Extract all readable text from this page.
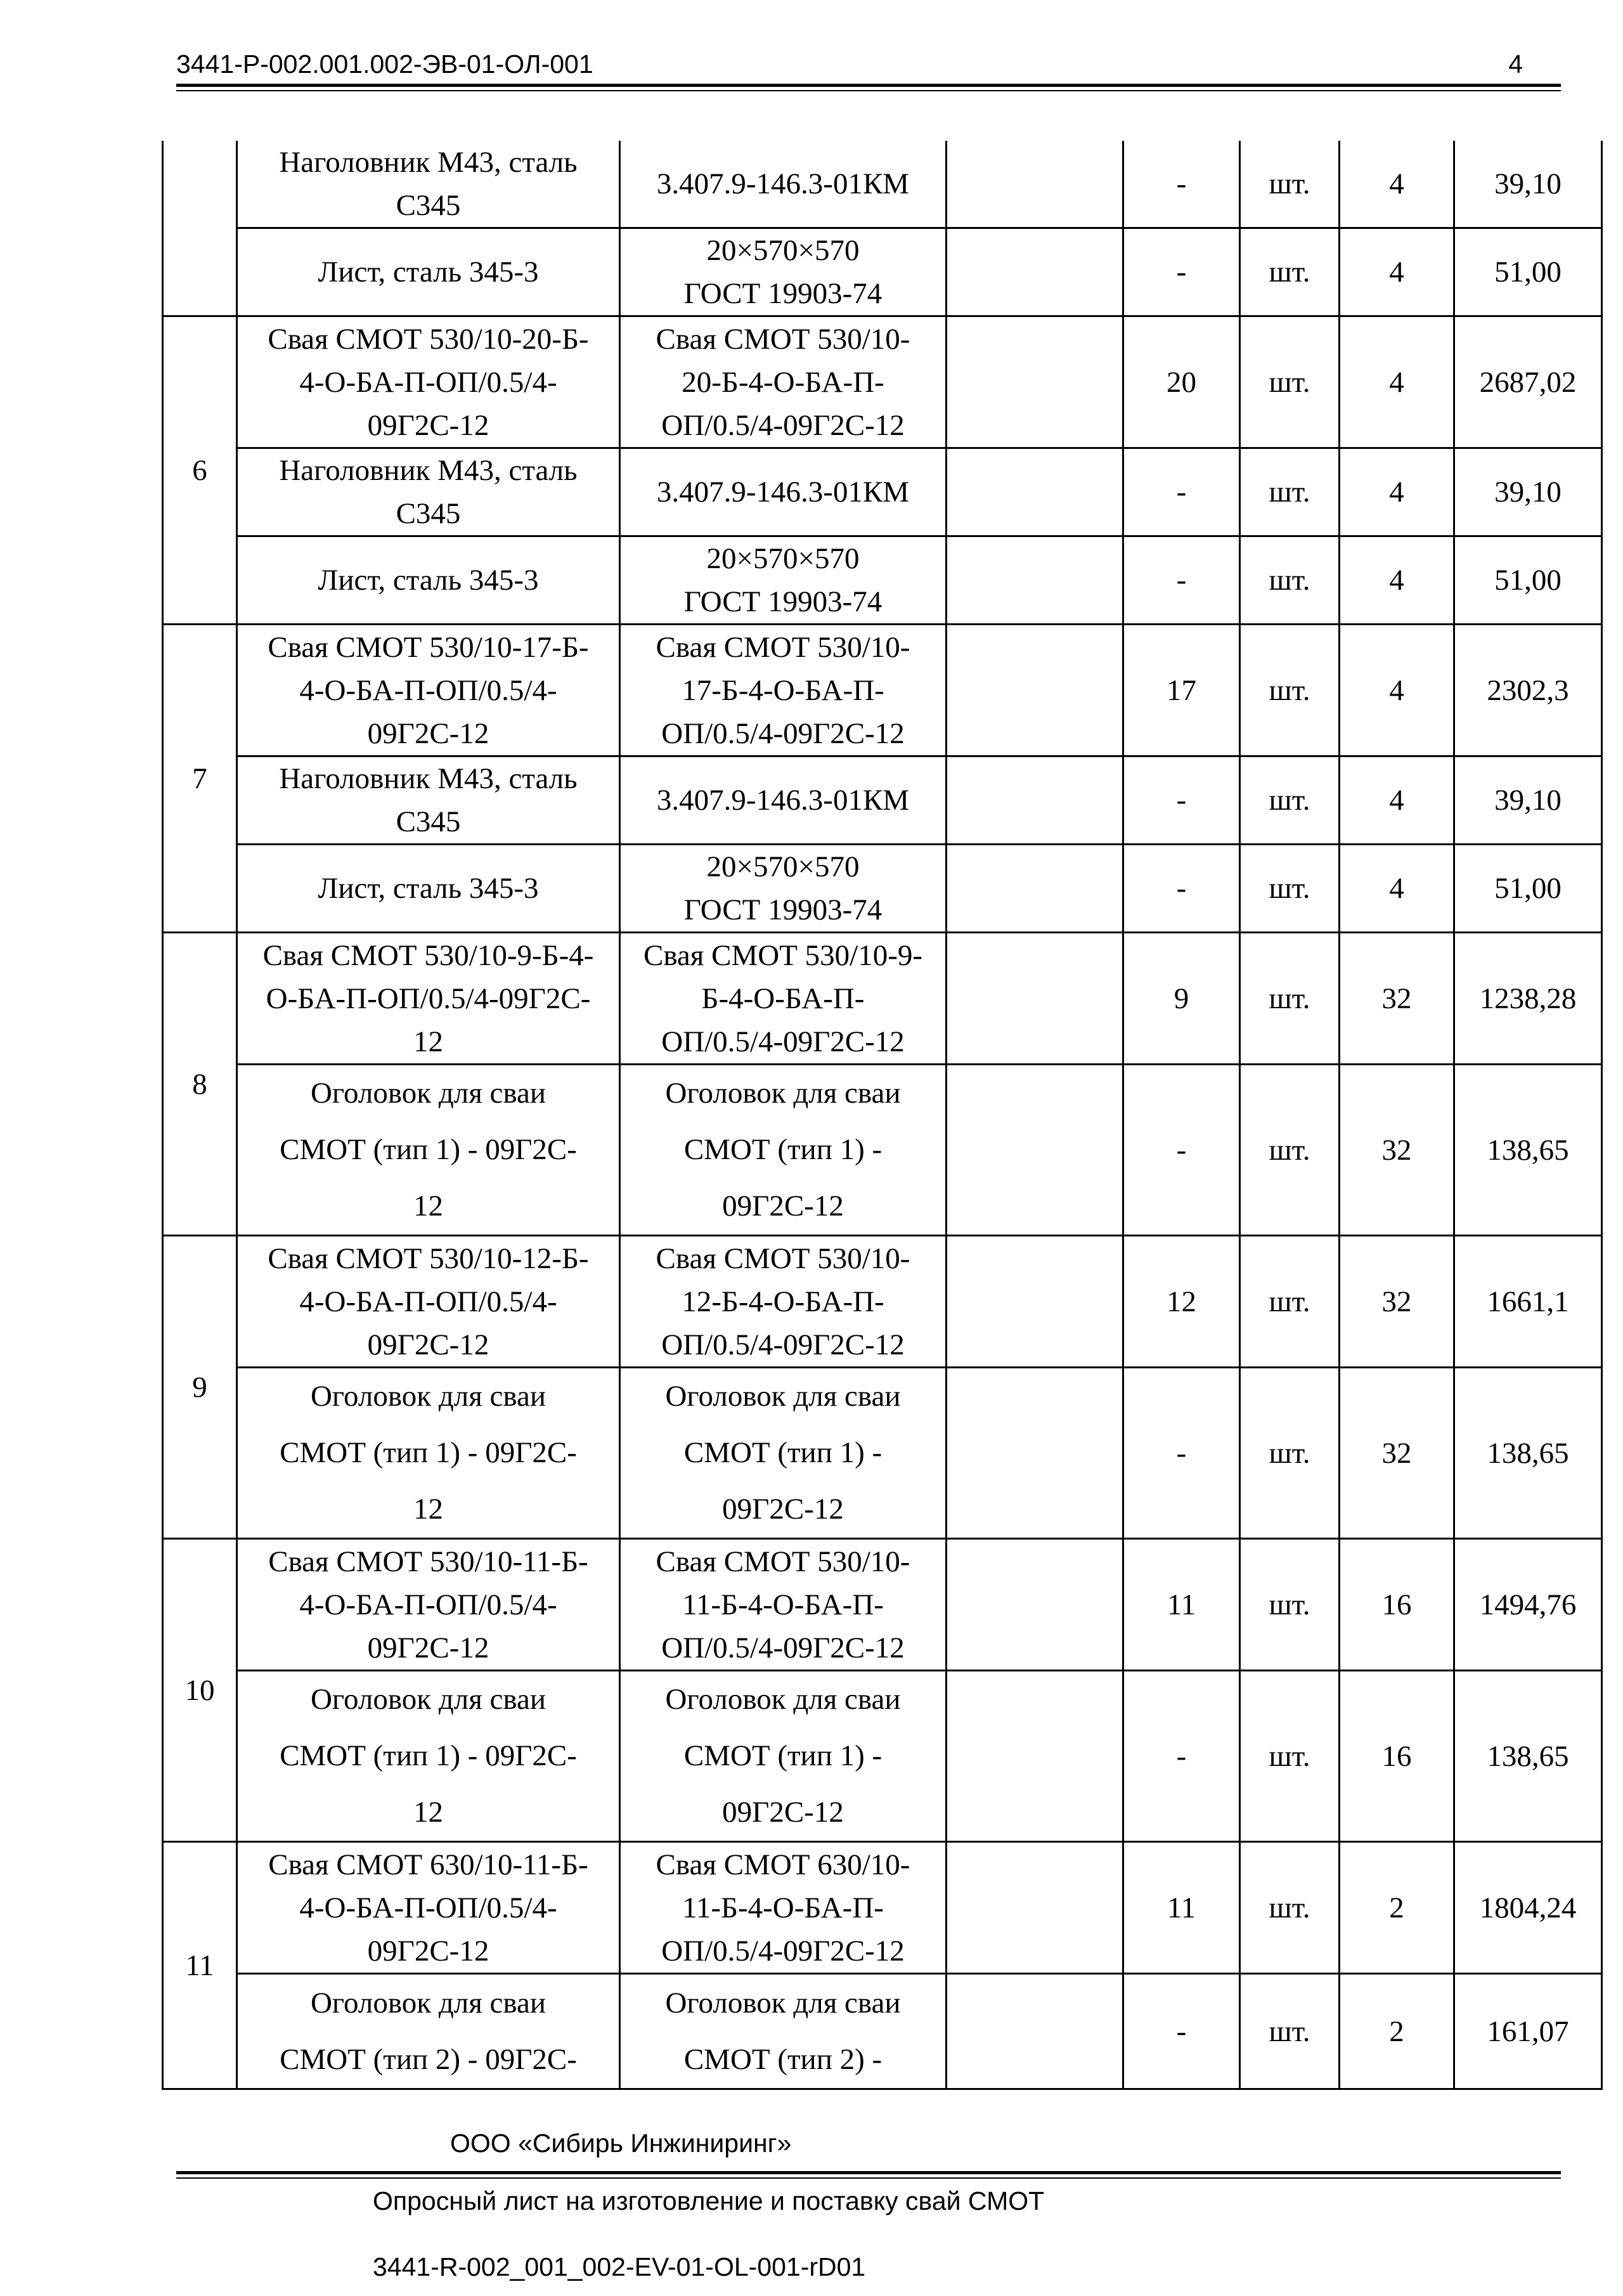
3441-Р-002.001.002-ЭВ-01-ОЛ-001	4
	Наголовник М43, сталь
С345	3.407.9-146.3-01КМ		-	шт.	4	39,10
	Лист, сталь 345-3	20×570×570
ГОСТ 19903-74		-	шт.	4	51,00
6	Свая СМОТ 530/10-20-Б-
4-О-БА-П-ОП/0.5/4-
09Г2С-12	Свая СМОТ 530/10-
20-Б-4-О-БА-П-
ОП/0.5/4-09Г2С-12		20	шт.	4	2687,02
	Наголовник М43, сталь
С345	3.407.9-146.3-01КМ		-	шт.	4	39,10
	Лист, сталь 345-3	20×570×570
ГОСТ 19903-74		-	шт.	4	51,00
7	Свая СМОТ 530/10-17-Б-
4-О-БА-П-ОП/0.5/4-
09Г2С-12	Свая СМОТ 530/10-
17-Б-4-О-БА-П-
ОП/0.5/4-09Г2С-12		17	шт.	4	2302,3
	Наголовник М43, сталь
С345	3.407.9-146.3-01КМ		-	шт.	4	39,10
	Лист, сталь 345-3	20×570×570
ГОСТ 19903-74		-	шт.	4	51,00
8	Свая СМОТ 530/10-9-Б-4-
О-БА-П-ОП/0.5/4-09Г2С-
12	Свая СМОТ 530/10-9-
Б-4-О-БА-П-
ОП/0.5/4-09Г2С-12		9	шт.	32	1238,28
	Оголовок для сваи
СМОТ (тип 1) - 09Г2С-
12	Оголовок для сваи
СМОТ (тип 1) -
09Г2С-12		-	шт.	32	138,65
9	Свая СМОТ 530/10-12-Б-
4-О-БА-П-ОП/0.5/4-
09Г2С-12	Свая СМОТ 530/10-
12-Б-4-О-БА-П-
ОП/0.5/4-09Г2С-12		12	шт.	32	1661,1
	Оголовок для сваи
СМОТ (тип 1) - 09Г2С-
12	Оголовок для сваи
СМОТ (тип 1) -
09Г2С-12		-	шт.	32	138,65
10	Свая СМОТ 530/10-11-Б-
4-О-БА-П-ОП/0.5/4-
09Г2С-12	Свая СМОТ 530/10-
11-Б-4-О-БА-П-
ОП/0.5/4-09Г2С-12		11	шт.	16	1494,76
	Оголовок для сваи
СМОТ (тип 1) - 09Г2С-
12	Оголовок для сваи
СМОТ (тип 1) -
09Г2С-12		-	шт.	16	138,65
11	Свая СМОТ 630/10-11-Б-
4-О-БА-П-ОП/0.5/4-
09Г2С-12	Свая СМОТ 630/10-
11-Б-4-О-БА-П-
ОП/0.5/4-09Г2С-12		11	шт.	2	1804,24
	Оголовок для сваи
СМОТ (тип 2) - 09Г2С-	Оголовок для сваи
СМОТ (тип 2) -		-	шт.	2	161,07
ООО «Сибирь Инжиниринг»
Опросный лист на изготовление и поставку свай СМОТ
3441-R-002_001_002-EV-01-OL-001-rD01
